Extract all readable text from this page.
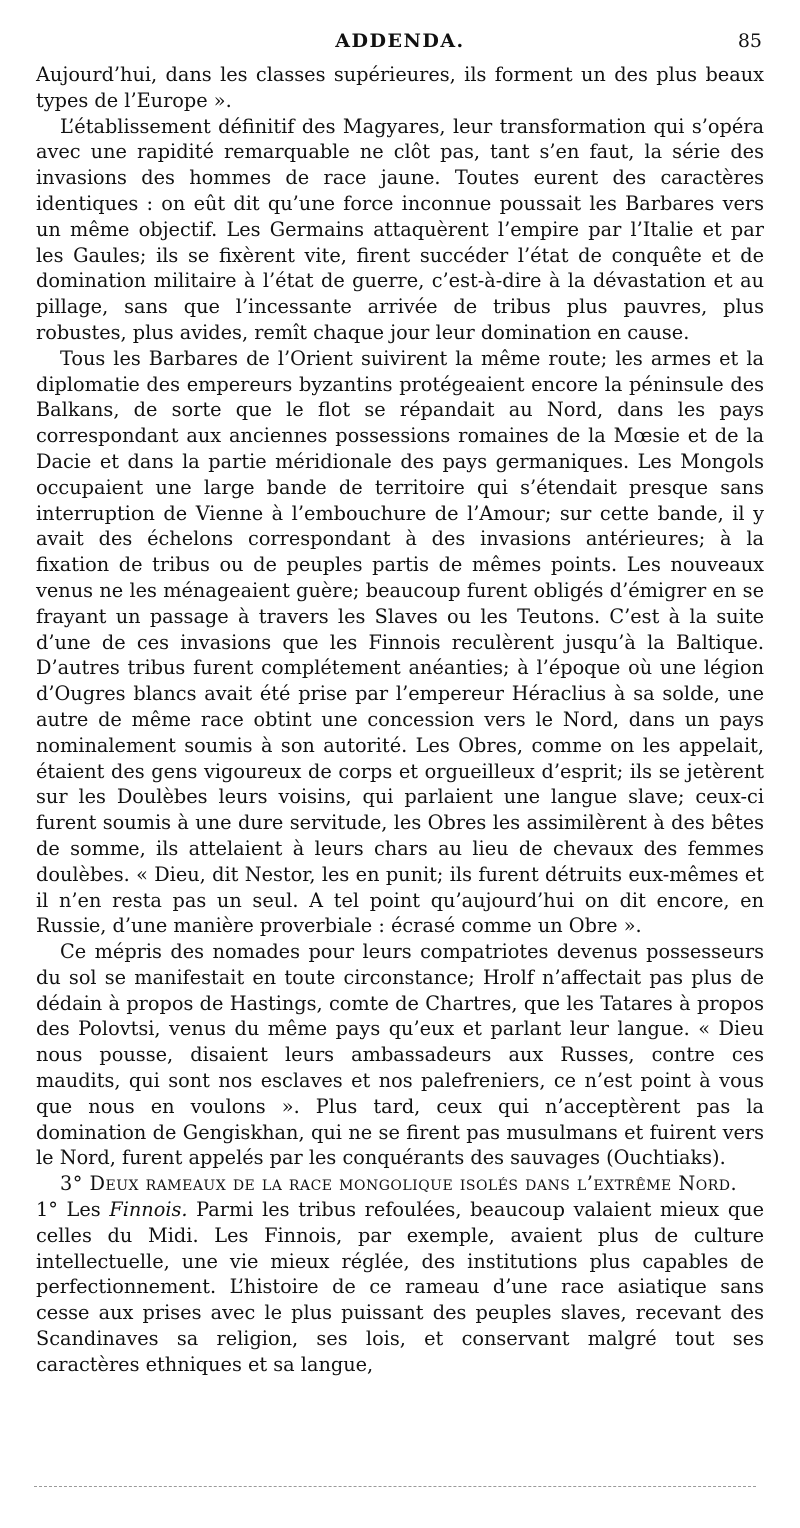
ADDENDA.	85

Aujourd’hui, dans les classes supérieures, ils forment un des plus beaux types de l’Europe ».

L’établissement définitif des Magyares, leur transformation qui s’opéra avec une rapidité remarquable ne clôt pas, tant s’en faut, la série des invasions des hommes de race jaune. Toutes eurent des caractères identiques : on eût dit qu’une force inconnue poussait les Barbares vers un même objectif. Les Germains attaquèrent l’empire par l’Italie et par les Gaules; ils se fixèrent vite, firent succéder l’état de conquête et de domination militaire à l’état de guerre, c’est-à-dire à la dévastation et au pillage, sans que l’incessante arrivée de tribus plus pauvres, plus robustes, plus avides, remît chaque jour leur domination en cause.

Tous les Barbares de l’Orient suivirent la même route; les armes et la diplomatie des empereurs byzantins protégeaient encore la péninsule des Balkans, de sorte que le flot se répandait au Nord, dans les pays correspondant aux anciennes possessions romaines de la Mœsie et de la Dacie et dans la partie méridionale des pays germaniques. Les Mongols occupaient une large bande de territoire qui s’étendait presque sans interruption de Vienne à l’embouchure de l’Amour; sur cette bande, il y avait des échelons correspondant à des invasions antérieures; à la fixation de tribus ou de peuples partis de mêmes points. Les nouveaux venus ne les ménageaient guère; beaucoup furent obligés d’émigrer en se frayant un passage à travers les Slaves ou les Teutons. C’est à la suite d’une de ces invasions que les Finnois reculèrent jusqu’à la Baltique. D’autres tribus furent complétement anéanties; à l’époque où une légion d’Ougres blancs avait été prise par l’empereur Héraclius à sa solde, une autre de même race obtint une concession vers le Nord, dans un pays nominalement soumis à son autorité. Les Obres, comme on les appelait, étaient des gens vigoureux de corps et orgueilleux d’esprit; ils se jetèrent sur les Doulèbes leurs voisins, qui parlaient une langue slave; ceux-ci furent soumis à une dure servitude, les Obres les assimilèrent à des bêtes de somme, ils attelaient à leurs chars au lieu de chevaux des femmes doulèbes. « Dieu, dit Nestor, les en punit; ils furent détruits eux-mêmes et il n’en resta pas un seul. A tel point qu’aujourd’hui on dit encore, en Russie, d’une manière proverbiale : écrasé comme un Obre ».

Ce mépris des nomades pour leurs compatriotes devenus possesseurs du sol se manifestait en toute circonstance; Hrolf n’affectait pas plus de dédain à propos de Hastings, comte de Chartres, que les Tatares à propos des Polovtsi, venus du même pays qu’eux et parlant leur langue. « Dieu nous pousse, disaient leurs ambassadeurs aux Russes, contre ces maudits, qui sont nos esclaves et nos palefreniers, ce n’est point à vous que nous en voulons ». Plus tard, ceux qui n’acceptèrent pas la domination de Gengiskhan, qui ne se firent pas musulmans et fuirent vers le Nord, furent appelés par les conquérants des sauvages (Ouchtiaks).

3° Deux rameaux de la race mongolique isolés dans l’extrême Nord.

1° Les Finnois. Parmi les tribus refoulées, beaucoup valaient mieux que celles du Midi. Les Finnois, par exemple, avaient plus de culture intellectuelle, une vie mieux réglée, des institutions plus capables de perfectionnement. L’histoire de ce rameau d’une race asiatique sans cesse aux prises avec le plus puissant des peuples slaves, recevant des Scandinaves sa religion, ses lois, et conservant malgré tout ses caractères ethniques et sa langue,
